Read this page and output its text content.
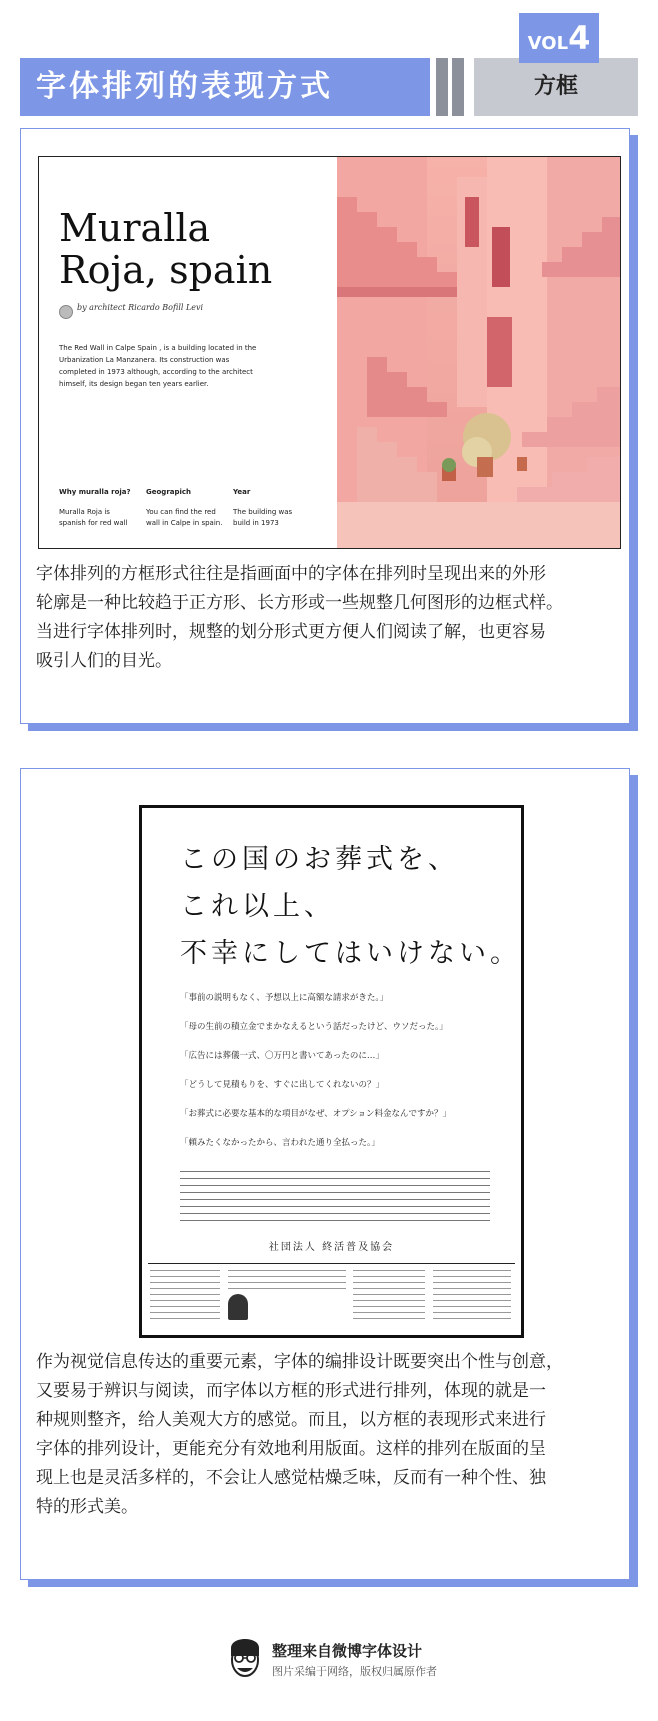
字体排列的表现方式	方框
VOL4
Muralla
Roja, spain
by architect Ricardo Bofill Levi
The Red Wall in Calpe Spain , is a building located in the
Urbanization La Manzanera. Its construction was
completed in 1973 although, according to the architect
himself, its design began ten years earlier.
Why muralla roja?
Muralla Roja is
spanish for red wall
Geograpich
You can find the red
wall in Calpe in spain.
Year
The building was
build in 1973
字体排列的方框形式往往是指画面中的字体在排列时呈现出来的外形
轮廓是一种比较趋于正方形、长方形或一些规整几何图形的边框式样。
当进行字体排列时，规整的划分形式更方便人们阅读了解，也更容易
吸引人们的目光。
この国のお葬式を、
これ以上、
不幸にしてはいけない。
「事前の説明もなく、予想以上に高額な請求がきた。」
「母の生前の積立金でまかなえるという話だったけど、ウソだった。」
「広告には葬儀一式、〇万円と書いてあったのに…」
「どうして見積もりを、すぐに出してくれないの？」
「お葬式に必要な基本的な項目がなぜ、オプション料金なんですか？」
「頼みたくなかったから、言われた通り全払った。」
社団法人 終活普及協会
作为视觉信息传达的重要元素，字体的编排设计既要突出个性与创意，
又要易于辨识与阅读，而字体以方框的形式进行排列，体现的就是一
种规则整齐，给人美观大方的感觉。而且，以方框的表现形式来进行
字体的排列设计，更能充分有效地利用版面。这样的排列在版面的呈
现上也是灵活多样的，不会让人感觉枯燥乏味，反而有一种个性、独
特的形式美。
整理来自微博字体设计
图片采编于网络，版权归属原作者
